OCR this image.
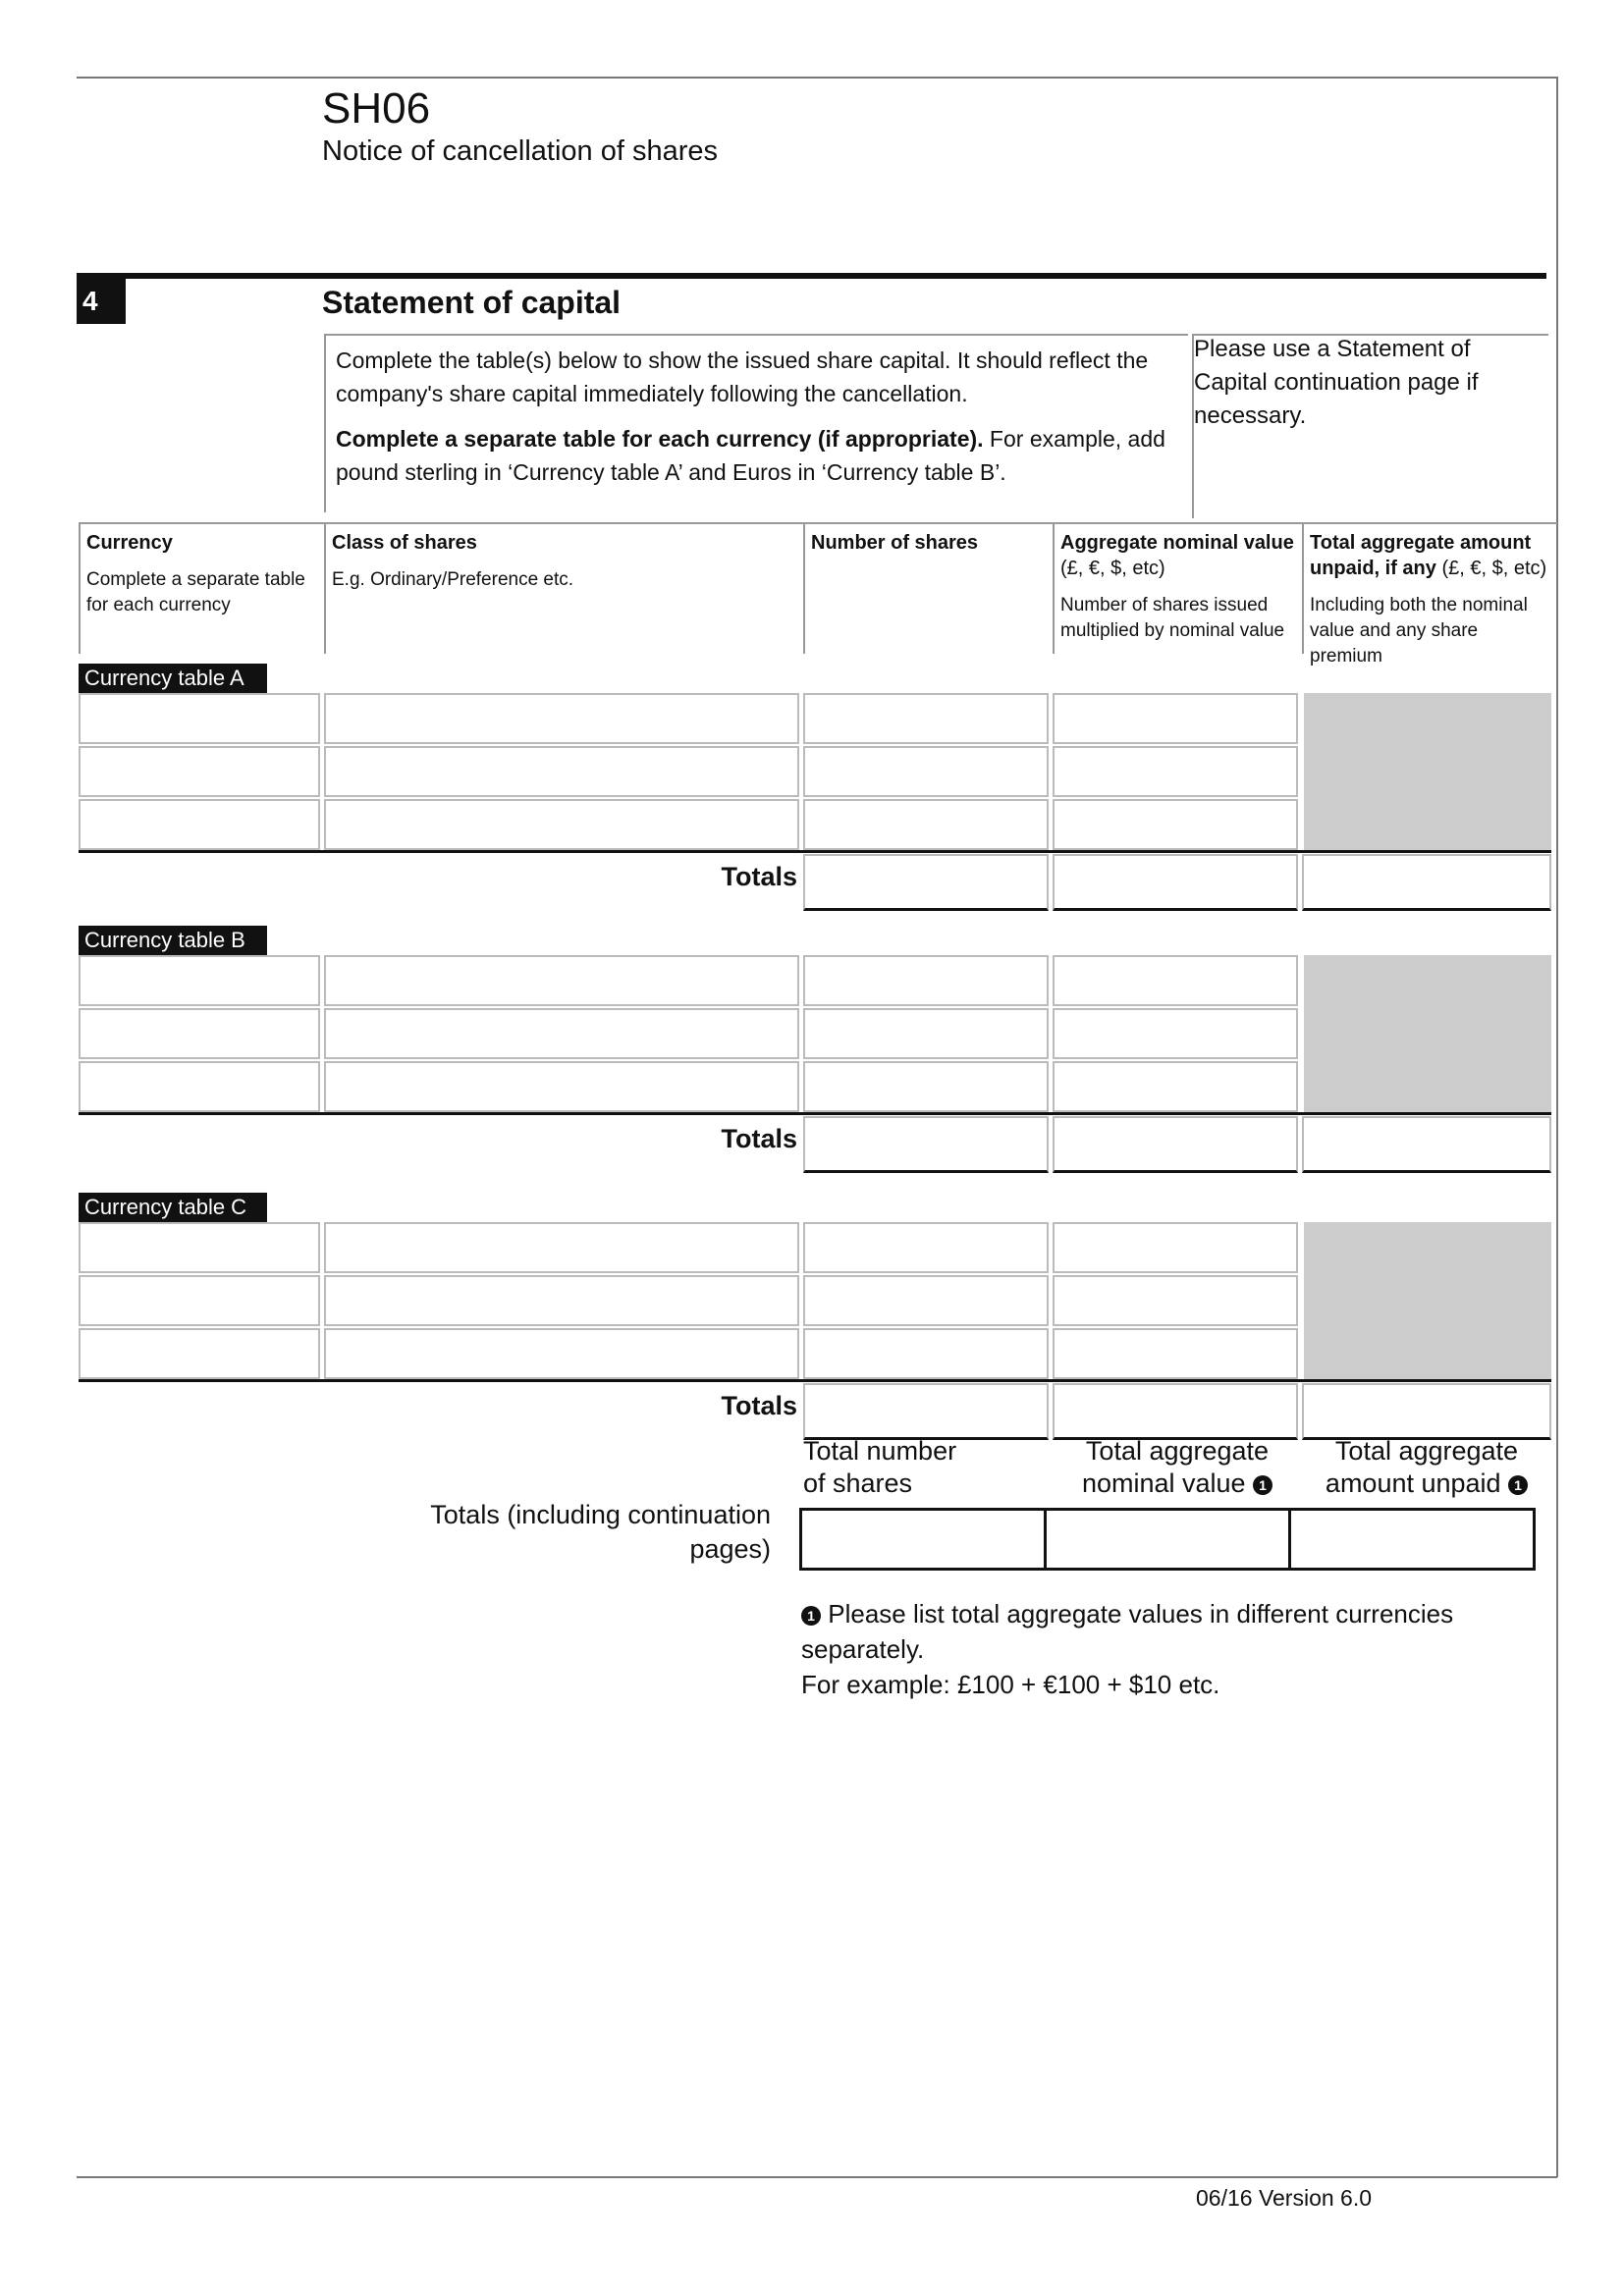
SH06
Notice of cancellation of shares
4	Statement of capital
Complete the table(s) below to show the issued share capital. It should reflect the company's share capital immediately following the cancellation.
Complete a separate table for each currency (if appropriate). For example, add pound sterling in ‘Currency table A’ and Euros in ‘Currency table B’.
Please use a Statement of Capital continuation page if necessary.
Currency
Complete a separate table for each currency
Class of shares
E.g. Ordinary/Preference etc.
Number of shares	Aggregate nominal value
(£, €, $, etc)
Number of shares issued multiplied by nominal value
Total aggregate amount unpaid, if any (£, €, $, etc)
Including both the nominal value and any share premium
Currency table A
Totals
Currency table B
Totals
Currency table C
Totals
Total number of shares
Total aggregate nominal value 1
Total aggregate amount unpaid 1
Totals (including continuation pages)
1 Please list total aggregate values in different currencies separately.
For example: £100 + €100 + $10 etc.
06/16 Version 6.0
